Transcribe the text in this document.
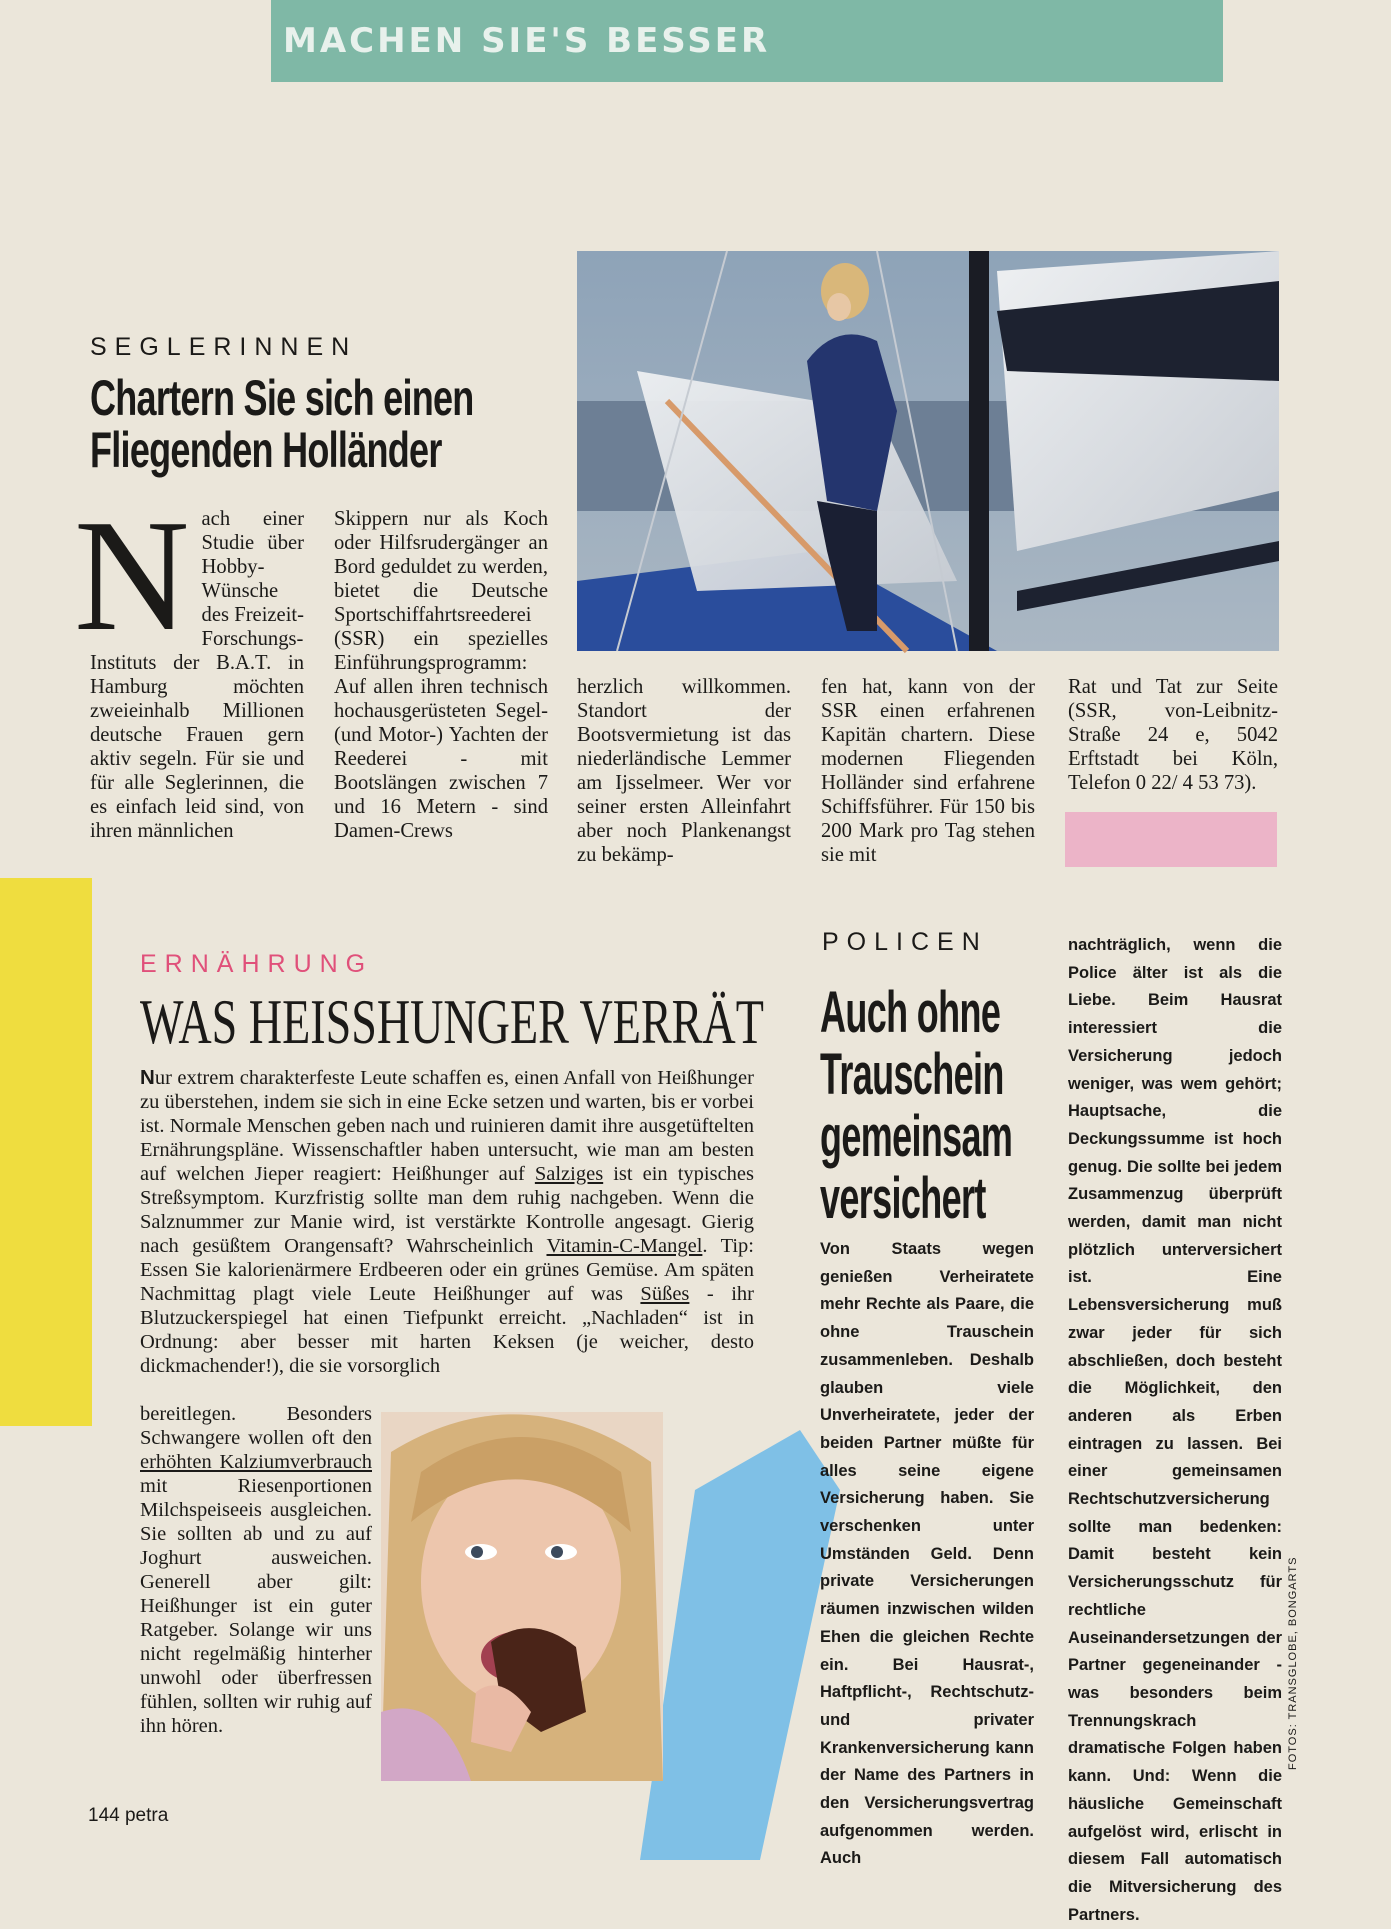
MACHEN SIE'S BESSER
SEGLERINNEN
Chartern Sie sich einen
Fliegenden Holländer
N ach einer Studie über Hobby-Wünsche des Freizeit-Forschungs-Instituts der B.A.T. in Hamburg möchten zweieinhalb Millionen deutsche Frauen gern aktiv segeln. Für sie und für alle Seglerinnen, die es einfach leid sind, von ihren männlichen
Skippern nur als Koch oder Hilfsrudergänger an Bord geduldet zu werden, bietet die Deutsche Sportschiffahrtsreederei (SSR) ein spezielles Einführungsprogramm: Auf allen ihren technisch hochausgerüsteten Segel- (und Motor-) Yachten der Reederei - mit Bootslängen zwischen 7 und 16 Metern - sind Damen-Crews
herzlich willkommen. Standort der Bootsvermietung ist das niederländische Lemmer am Ijsselmeer. Wer vor seiner ersten Alleinfahrt aber noch Plankenangst zu bekämp-
fen hat, kann von der SSR einen erfahrenen Kapitän chartern. Diese modernen Fliegenden Holländer sind erfahrene Schiffsführer. Für 150 bis 200 Mark pro Tag stehen sie mit
Rat und Tat zur Seite (SSR, von-Leibnitz-Straße 24 e, 5042 Erftstadt bei Köln, Telefon 0 22/ 4 53 73).
ERNÄHRUNG
WAS HEISSHUNGER VERRÄT
Nur extrem charakterfeste Leute schaffen es, einen Anfall von Heißhunger zu überstehen, indem sie sich in eine Ecke setzen und warten, bis er vorbei ist. Normale Menschen geben nach und ruinieren damit ihre ausgetüftelten Ernährungspläne. Wissenschaftler haben untersucht, wie man am besten auf welchen Jieper reagiert: Heißhunger auf Salziges ist ein typisches Streßsymptom. Kurzfristig sollte man dem ruhig nachgeben. Wenn die Salznummer zur Manie wird, ist verstärkte Kontrolle angesagt. Gierig nach gesüßtem Orangensaft? Wahrscheinlich Vitamin-C-Mangel. Tip: Essen Sie kalorienärmere Erdbeeren oder ein grünes Gemüse. Am späten Nachmittag plagt viele Leute Heißhunger auf was Süßes - ihr Blutzuckerspiegel hat einen Tiefpunkt erreicht. „Nachladen“ ist in Ordnung: aber besser mit harten Keksen (je weicher, desto dickmachender!), die sie vorsorglich
bereitlegen. Besonders Schwangere wollen oft den erhöhten Kalziumverbrauch mit Riesenportionen Milchspeiseeis ausgleichen. Sie sollten ab und zu auf Joghurt ausweichen. Generell aber gilt: Heißhunger ist ein guter Ratgeber. Solange wir uns nicht regelmäßig hinterher unwohl oder überfressen fühlen, sollten wir ruhig auf ihn hören.
POLICEN
Auch ohne
Trauschein
gemeinsam
versichert
Von Staats wegen genießen Verheiratete mehr Rechte als Paare, die ohne Trauschein zusammenleben. Deshalb glauben viele Unverheiratete, jeder der beiden Partner müßte für alles seine eigene Versicherung haben. Sie verschenken unter Umständen Geld. Denn private Versicherungen räumen inzwischen wilden Ehen die gleichen Rechte ein. Bei Hausrat-, Haftpflicht-, Rechtschutz- und privater Krankenversicherung kann der Name des Partners in den Versicherungsvertrag aufgenommen werden. Auch
nachträglich, wenn die Police älter ist als die Liebe. Beim Hausrat interessiert die Versicherung jedoch weniger, was wem gehört; Hauptsache, die Deckungssumme ist hoch genug. Die sollte bei jedem Zusammenzug überprüft werden, damit man nicht plötzlich unterversichert ist. Eine Lebensversicherung muß zwar jeder für sich abschließen, doch besteht die Möglichkeit, den anderen als Erben eintragen zu lassen. Bei einer gemeinsamen Rechtschutzversicherung sollte man bedenken: Damit besteht kein Versicherungsschutz für rechtliche Auseinandersetzungen der Partner gegeneinander - was besonders beim Trennungskrach dramatische Folgen haben kann. Und: Wenn die häusliche Gemeinschaft aufgelöst wird, erlischt in diesem Fall automatisch die Mitversicherung des Partners.
FOTOS: TRANSGLOBE, BONGARTS
144 petra
